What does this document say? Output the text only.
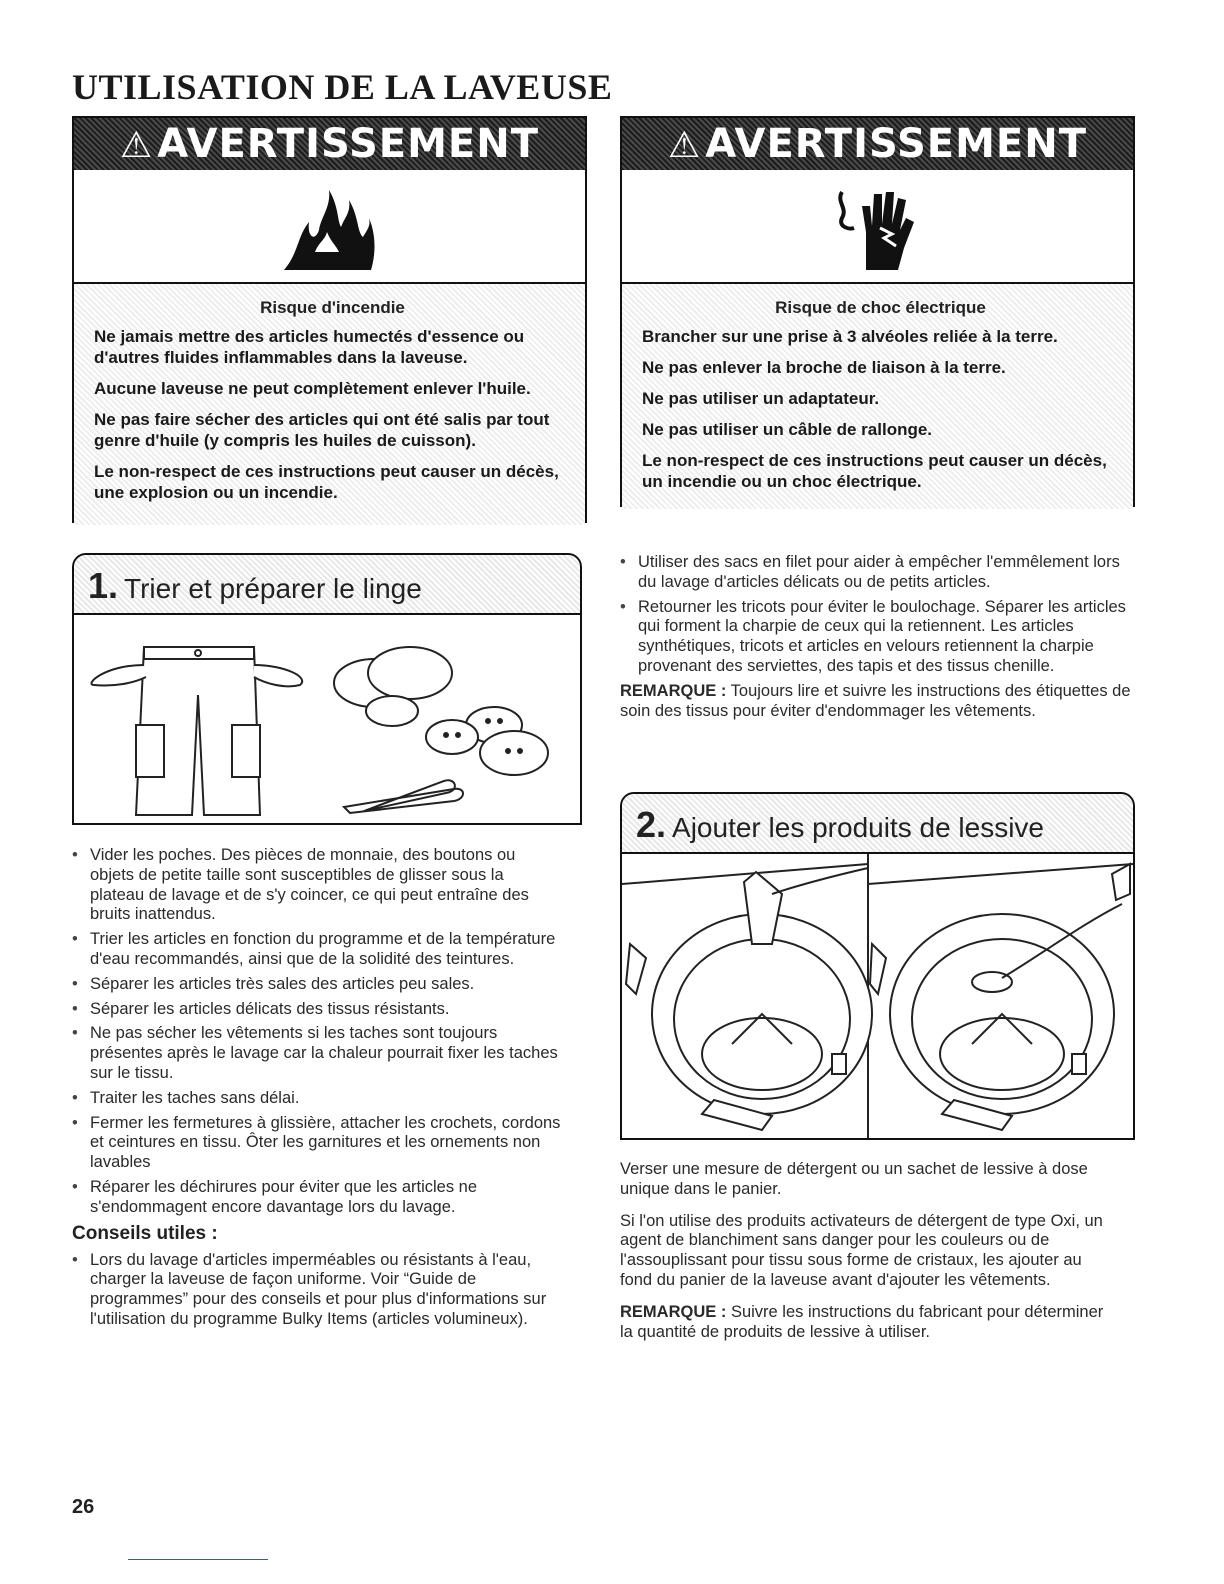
UTILISATION DE LA LAVEUSE
⚠ AVERTISSEMENT
Risque d'incendie

Ne jamais mettre des articles humectés d'essence ou d'autres fluides inflammables dans la laveuse.

Aucune laveuse ne peut complètement enlever l'huile.

Ne pas faire sécher des articles qui ont été salis par tout genre d'huile (y compris les huiles de cuisson).

Le non-respect de ces instructions peut causer un décès, une explosion ou un incendie.

⚠ AVERTISSEMENT
Risque de choc électrique

Brancher sur une prise à 3 alvéoles reliée à la terre.

Ne pas enlever la broche de liaison à la terre.

Ne pas utiliser un adaptateur.

Ne pas utiliser un câble de rallonge.

Le non-respect de ces instructions peut causer un décès, un incendie ou un choc électrique.

1. Trier et préparer le linge
• Vider les poches. Des pièces de monnaie, des boutons ou objets de petite taille sont susceptibles de glisser sous la plateau de lavage et de s'y coincer, ce qui peut entraîne des bruits inattendus.
• Trier les articles en fonction du programme et de la température d'eau recommandés, ainsi que de la solidité des teintures.
• Séparer les articles très sales des articles peu sales.
• Séparer les articles délicats des tissus résistants.
• Ne pas sécher les vêtements si les taches sont toujours présentes après le lavage car la chaleur pourrait fixer les taches sur le tissu.
• Traiter les taches sans délai.
• Fermer les fermetures à glissière, attacher les crochets, cordons et ceintures en tissu. Ôter les garnitures et les ornements non lavables
• Réparer les déchirures pour éviter que les articles ne s'endommagent encore davantage lors du lavage.
Conseils utiles :
• Lors du lavage d'articles imperméables ou résistants à l'eau, charger la laveuse de façon uniforme. Voir “Guide de programmes” pour des conseils et pour plus d'informations sur l'utilisation du programme Bulky Items (articles volumineux).
• Utiliser des sacs en filet pour aider à empêcher l'emmêlement lors du lavage d'articles délicats ou de petits articles.
• Retourner les tricots pour éviter le boulochage. Séparer les articles qui forment la charpie de ceux qui la retiennent. Les articles synthétiques, tricots et articles en velours retiennent la charpie provenant des serviettes, des tapis et des tissus chenille.

REMARQUE : Toujours lire et suivre les instructions des étiquettes de soin des tissus pour éviter d'endommager les vêtements.

2. Ajouter les produits de lessive

Verser une mesure de détergent ou un sachet de lessive à dose unique dans le panier.

Si l'on utilise des produits activateurs de détergent de type Oxi, un agent de blanchiment sans danger pour les couleurs ou de l'assouplissant pour tissu sous forme de cristaux, les ajouter au fond du panier de la laveuse avant d'ajouter les vêtements.

REMARQUE : Suivre les instructions du fabricant pour déterminer la quantité de produits de lessive à utiliser.

26
